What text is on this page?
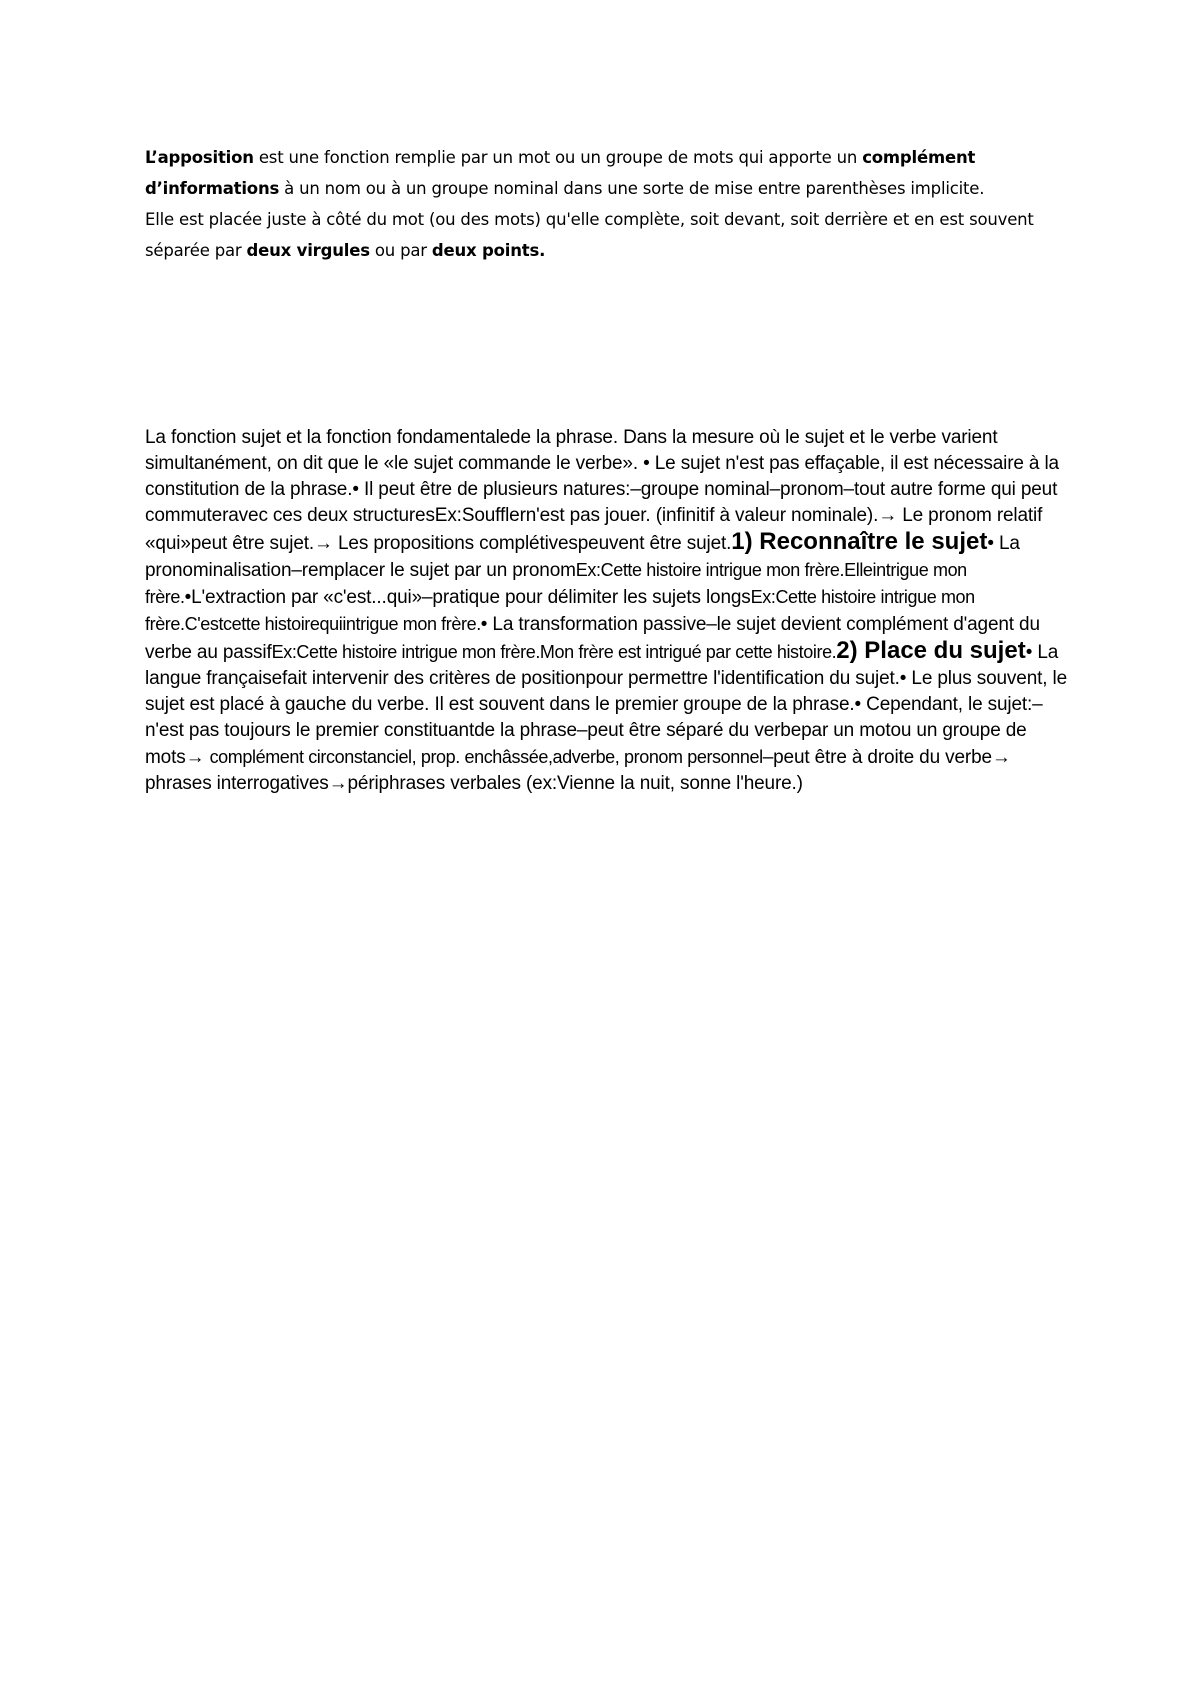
L’apposition est une fonction remplie par un mot ou un groupe de mots qui apporte un complément d’informations à un nom ou à un groupe nominal dans une sorte de mise entre parenthèses implicite.

Elle est placée juste à côté du mot (ou des mots) qu'elle complète, soit devant, soit derrière et en est souvent séparée par deux virgules ou par deux points.

La fonction sujet et la fonction fondamentalede la phrase. Dans la mesure où le sujet et le verbe varient simultanément, on dit que le «le sujet commande le verbe». • Le sujet n'est pas effaçable, il est nécessaire à la constitution de la phrase.• Il peut être de plusieurs natures:–groupe nominal–pronom–tout autre forme qui peut commuteravec ces deux structuresEx:Soufflern'est pas jouer. (infinitif à valeur nominale).→ Le pronom relatif «qui»peut être sujet.→ Les propositions complétivespeuvent être sujet.1) Reconnaître le sujet• La pronominalisation–remplacer le sujet par un pronomEx:Cette histoire intrigue mon frère.Elleintrigue mon frère.•L'extraction par «c'est...qui»–pratique pour délimiter les sujets longsEx:Cette histoire intrigue mon frère.C'estcette histoirequiintrigue mon frère.• La transformation passive–le sujet devient complément d'agent du verbe au passifEx:Cette histoire intrigue mon frère.Mon frère est intrigué par cette histoire.2) Place du sujet• La langue françaisefait intervenir des critères de positionpour permettre l'identification du sujet.• Le plus souvent, le sujet est placé à gauche du verbe. Il est souvent dans le premier groupe de la phrase.• Cependant, le sujet:–n'est pas toujours le premier constituantde la phrase–peut être séparé du verbepar un motou un groupe de mots→ complément circonstanciel, prop. enchâssée,adverbe, pronom personnel–peut être à droite du verbe→ phrases interrogatives→périphrases verbales (ex:Vienne la nuit, sonne l'heure.)
